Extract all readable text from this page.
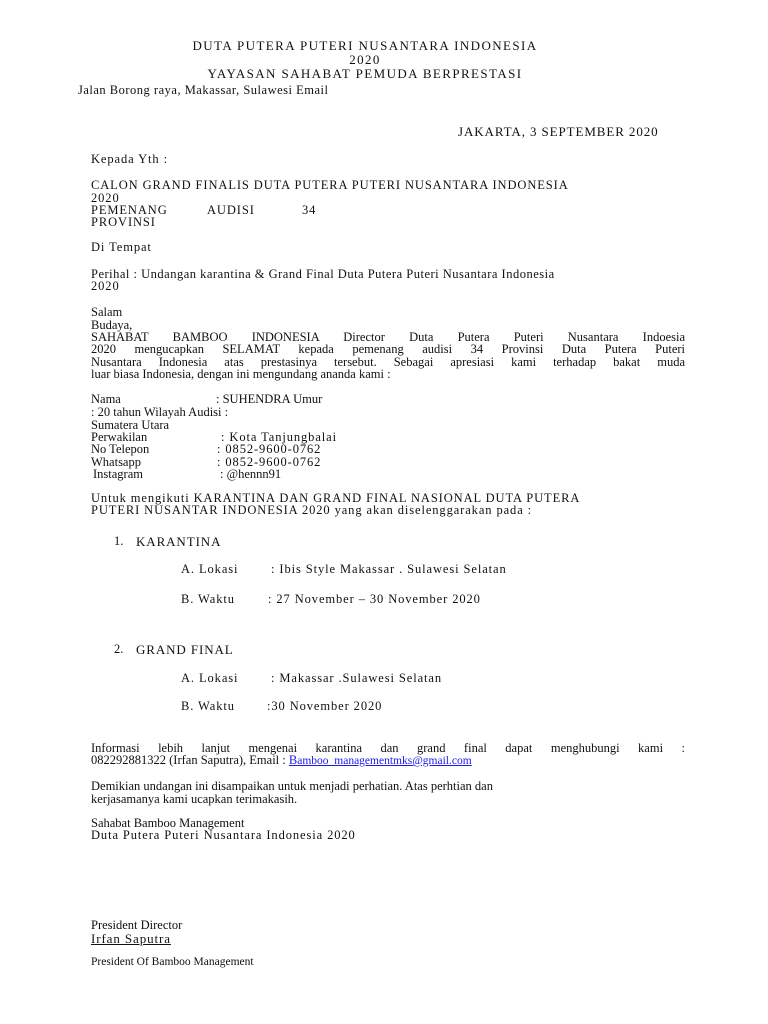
DUTA PUTERA PUTERI NUSANTARA INDONESIA
2020
YAYASAN SAHABAT PEMUDA BERPRESTASI
Jalan Borong raya, Makassar, Sulawesi Email
JAKARTA, 3 SEPTEMBER 2020
Kepada Yth :
CALON GRAND FINALIS DUTA PUTERA PUTERI NUSANTARA INDONESIA
2020
PEMENANG	AUDISI	34
PROVINSI
Di Tempat
Perihal : Undangan karantina & Grand Final Duta Putera Puteri Nusantara Indonesia
2020
Salam
Budaya,
SAHABAT BAMBOO INDONESIA Director Duta Putera Puteri Nusantara Indoesia
2020 mengucapkan SELAMAT kepada pemenang audisi 34 Provinsi Duta Putera Puteri
Nusantara Indonesia atas prestasinya tersebut. Sebagai apresiasi kami terhadap bakat muda
luar biasa Indonesia, dengan ini mengundang ananda kami :
Nama	: SUHENDRA Umur
: 20 tahun Wilayah Audisi :
Sumatera Utara
Perwakilan	: Kota Tanjungbalai
No Telepon	: 0852-9600-0762
Whatsapp	: 0852-9600-0762
Instagram	: @hennn91
Untuk mengikuti KARANTINA DAN GRAND FINAL NASIONAL DUTA PUTERA
PUTERI NUSANTAR INDONESIA 2020 yang akan diselenggarakan pada :
1. KARANTINA
A. Lokasi	: Ibis Style Makassar . Sulawesi Selatan
B. Waktu	: 27 November – 30 November 2020
2. GRAND FINAL
A. Lokasi	: Makassar .Sulawesi Selatan
B. Waktu	:30 November 2020
Informasi lebih lanjut mengenai karantina dan grand final dapat menghubungi kami :
082292881322 (Irfan Saputra), Email : Bamboo_managementmks@gmail.com
Demikian undangan ini disampaikan untuk menjadi perhatian. Atas perhtian dan
kerjasamanya kami ucapkan terimakasih.
Sahabat Bamboo Management
Duta Putera Puteri Nusantara Indonesia 2020
President Director
Irfan Saputra
President Of Bamboo Management
